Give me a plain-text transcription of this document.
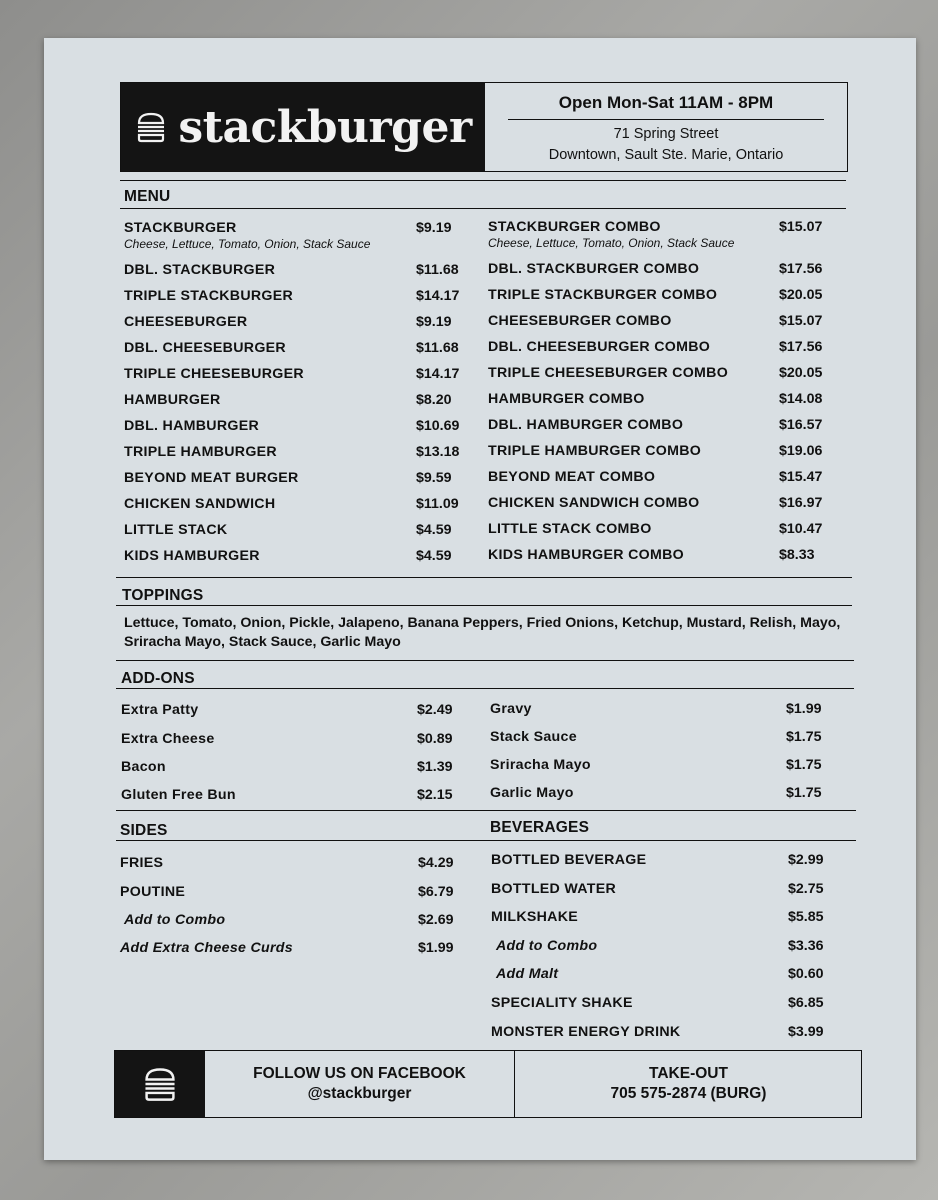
stackburger	Open Mon-Sat 11AM - 8PM
71 Spring Street
Downtown, Sault Ste. Marie, Ontario
MENU
STACKBURGER	$9.19
Cheese, Lettuce, Tomato, Onion, Stack Sauce
DBL. STACKBURGER	$11.68
TRIPLE STACKBURGER	$14.17
CHEESEBURGER	$9.19
DBL. CHEESEBURGER	$11.68
TRIPLE CHEESEBURGER	$14.17
HAMBURGER	$8.20
DBL. HAMBURGER	$10.69
TRIPLE HAMBURGER	$13.18
BEYOND MEAT BURGER	$9.59
CHICKEN SANDWICH	$11.09
LITTLE STACK	$4.59
KIDS HAMBURGER	$4.59
STACKBURGER COMBO	$15.07
Cheese, Lettuce, Tomato, Onion, Stack Sauce
DBL. STACKBURGER COMBO	$17.56
TRIPLE STACKBURGER COMBO	$20.05
CHEESEBURGER COMBO	$15.07
DBL. CHEESEBURGER COMBO	$17.56
TRIPLE CHEESEBURGER COMBO	$20.05
HAMBURGER COMBO	$14.08
DBL. HAMBURGER COMBO	$16.57
TRIPLE HAMBURGER COMBO	$19.06
BEYOND MEAT COMBO	$15.47
CHICKEN SANDWICH COMBO	$16.97
LITTLE STACK COMBO	$10.47
KIDS HAMBURGER COMBO	$8.33
TOPPINGS
Lettuce, Tomato, Onion, Pickle, Jalapeno, Banana Peppers, Fried Onions, Ketchup, Mustard, Relish, Mayo, Sriracha Mayo, Stack Sauce, Garlic Mayo
ADD-ONS
Extra Patty	$2.49
Extra Cheese	$0.89
Bacon	$1.39
Gluten Free Bun	$2.15
Gravy	$1.99
Stack Sauce	$1.75
Sriracha Mayo	$1.75
Garlic Mayo	$1.75
SIDES	BEVERAGES
FRIES	$4.29
POUTINE	$6.79
Add to Combo	$2.69
Add Extra Cheese Curds	$1.99
BOTTLED BEVERAGE	$2.99
BOTTLED WATER	$2.75
MILKSHAKE	$5.85
Add to Combo	$3.36
Add Malt	$0.60
SPECIALITY SHAKE	$6.85
MONSTER ENERGY DRINK	$3.99
FOLLOW US ON FACEBOOK
@stackburger
TAKE-OUT
705 575-2874 (BURG)
